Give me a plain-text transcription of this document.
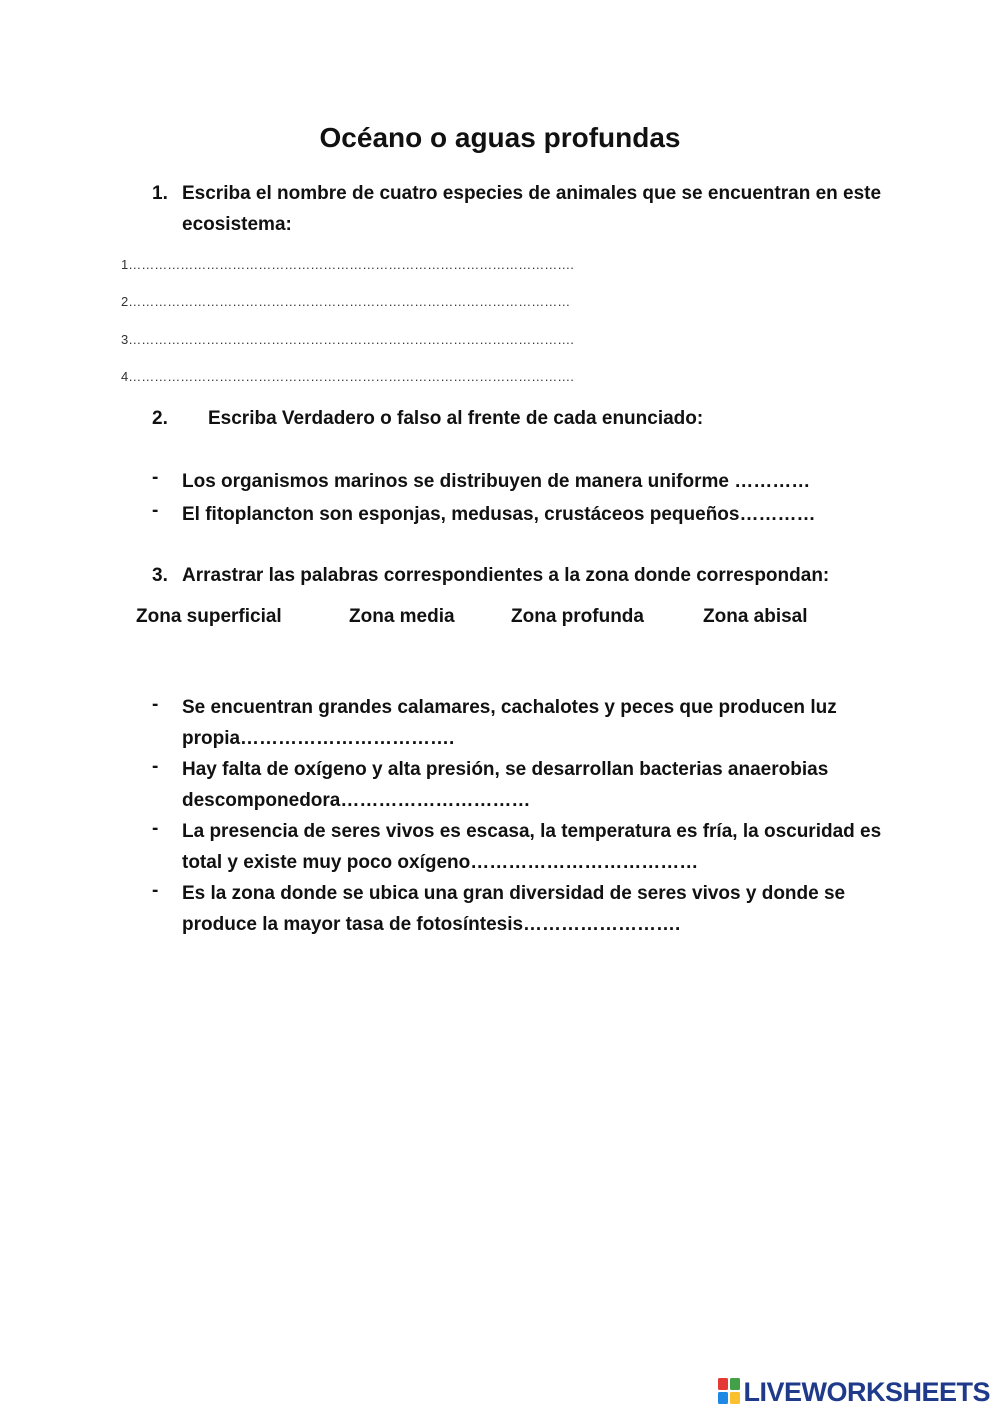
Océano o aguas profundas
1. Escriba el nombre de cuatro especies de animales que se encuentran en este ecosistema:
1………………………………………………………………………………………….
2…………………………………………………………………………………………
3………………………………………………………………………………………….
4………………………………………………………………………………………….
2. Escriba Verdadero o falso al frente de cada enunciado:
- Los organismos marinos se distribuyen de manera uniforme …………
- El fitoplancton son esponjas, medusas, crustáceos pequeños…………
3. Arrastrar las palabras correspondientes a la zona donde correspondan:
Zona superficial	Zona media	Zona profunda	Zona abisal
- Se encuentran grandes calamares, cachalotes y peces que producen luz propia…………………………….
- Hay falta de oxígeno y alta presión, se desarrollan bacterias anaerobias descomponedora…………………………
- La presencia de seres vivos es escasa, la temperatura es fría, la oscuridad es total y existe muy poco oxígeno………………………………
- Es la zona donde se ubica una gran diversidad de seres vivos y donde se produce la mayor tasa de fotosíntesis…………………….
LIVEWORKSHEETS
